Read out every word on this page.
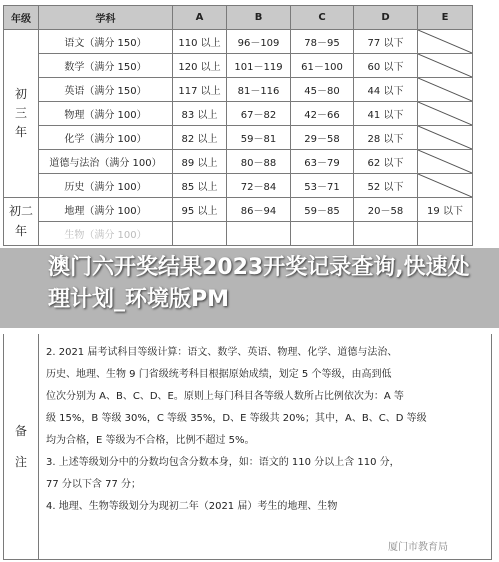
年级	学科	A	B	C	D	E
初三年	语文（满分 150）	110 以上	96－109	78－95	77 以下	

	数学（满分 150）	120 以上	101－119	61－100	60 以下	

	英语（满分 150）	117 以上	81－116	45－80	44 以下	

	物理（满分 100）	83 以上	67－82	42－66	41 以下	

	化学（满分 100）	82 以上	59－81	29－58	28 以下	

	道德与法治（满分 100）	89 以上	80－88	63－79	62 以下	

	历史（满分 100）	85 以上	72－84	53－71	52 以下	

初二年	地理（满分 100）	95 以上	86－94	59－85	20－58	19 以下
	生物（满分 100）					
备注

2. 2021 届考试科目等级计算：语文、数学、英语、物理、化学、道德与法治、

历史、地理、生物 9 门省级统考科目根据原始成绩，划定 5 个等级，由高到低

位次分别为 A、B、C、D、E。原则上每门科目各等级人数所占比例依次为：A 等

级 15%，B 等级 30%，C 等级 35%，D、E 等级共 20%；其中，A、B、C、D 等级

均为合格，E 等级为不合格，比例不超过 5%。

3. 上述等级划分中的分数均包含分数本身，如：语文的 110 分以上含 110 分，

77 分以下含 77 分；

4. 地理、生物等级划分为现初二年（2021 届）考生的地理、生物

澳门六开奖结果2023开奖记录查询,快速处理计划_环境版PM
厦门市教育局
